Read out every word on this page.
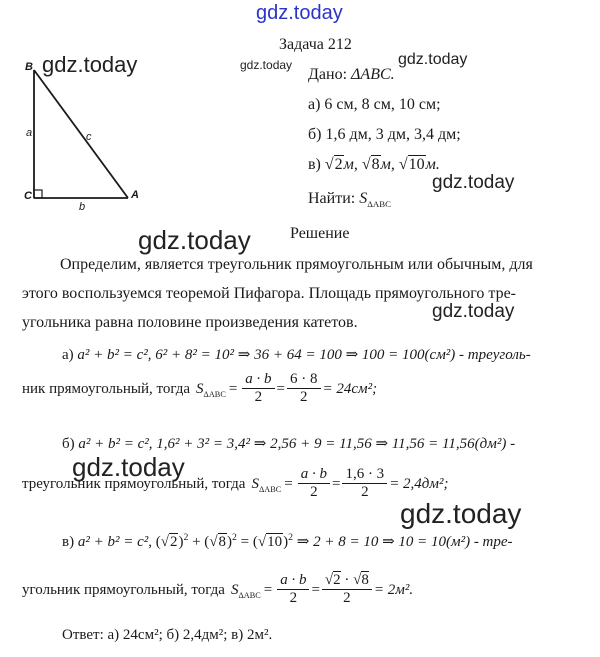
gdz.today
B
C	A
a
b
c
gdz.today	gdz.today	gdz.today
Задача 212
Дано: ΔABC.
а) 6 см, 8 см, 10 см;
б) 1,6 дм, 3 дм, 3,4 дм;
в) √2м, √8м, √10м.
gdz.today
Найти: $S_{\Delta ABC}$
gdz.today Решение
Определим, является треугольник прямоугольным или обычным, для
этого воспользуемся теоремой Пифагора. Площадь прямоугольного тре-
угольника равна половине произведения катетов.
gdz.today
а) a² + b² = c², 6² + 8² = 10² ⇒ 36 + 64 = 100 ⇒ 100 = 100(см²) - треуголь-
ник прямоугольный, тогда $S_{\Delta ABC} = \frac{a \cdot b}{2} = \frac{6 \cdot 8}{2} = 24см^2$;
б) a² + b² = c², 1,6² + 3² = 3,4² ⇒ 2,56 + 9 = 11,56 ⇒ 11,56 = 11,56(дм²) -
gdz.today
треугольник прямоугольный, тогда $S_{\Delta ABC} = \frac{a \cdot b}{2} = \frac{1,6 \cdot 3}{2} = 2,4дм^2$;
gdz.today
в) a² + b² = c², $(√2)^2 + (√8)^2 = (√10)^2$ ⇒ 2 + 8 = 10 ⇒ 10 = 10(м²) - тре-
угольник прямоугольный, тогда $S_{\Delta ABC} = \frac{a \cdot b}{2} = \frac{√2 \cdot √8}{2} = 2м^2$.
Ответ: а) 24см²; б) 2,4дм²; в) 2м².
